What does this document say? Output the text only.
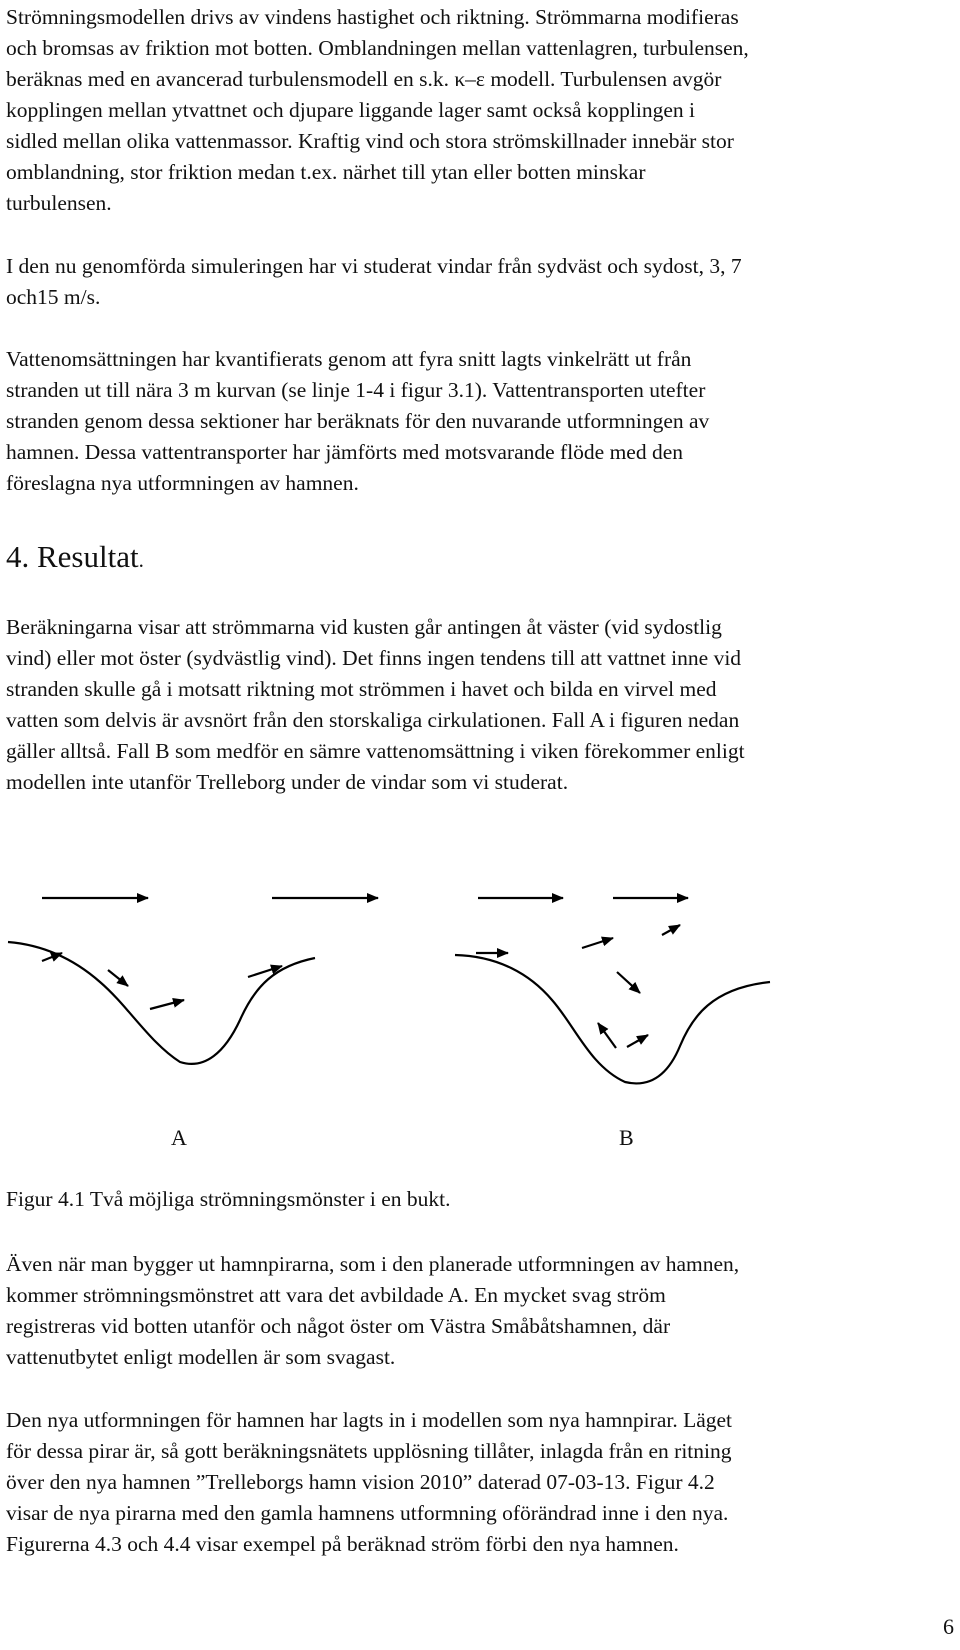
Strömningsmodellen drivs av vindens hastighet och riktning. Strömmarna modifieras
och bromsas av friktion mot botten. Omblandningen mellan vattenlagren, turbulensen,
beräknas med en avancerad turbulensmodell en s.k. κ–ε modell. Turbulensen avgör
kopplingen mellan ytvattnet och djupare liggande lager samt också kopplingen i
sidled mellan olika vattenmassor. Kraftig vind och stora strömskillnader innebär stor
omblandning, stor friktion medan t.ex. närhet till ytan eller botten minskar
turbulensen.
I den nu genomförda simuleringen har vi studerat vindar från sydväst och sydost, 3, 7
och15 m/s.
Vattenomsättningen har kvantifierats genom att fyra snitt lagts vinkelrätt ut från
stranden ut till nära 3 m kurvan (se linje 1-4 i figur 3.1). Vattentransporten utefter
stranden genom dessa sektioner har beräknats för den nuvarande utformningen av
hamnen. Dessa vattentransporter har jämförts med motsvarande flöde med den
föreslagna nya utformningen av hamnen.
4. Resultat.
Beräkningarna visar att strömmarna vid kusten går antingen åt väster (vid sydostlig
vind) eller mot öster (sydvästlig vind). Det finns ingen tendens till att vattnet inne vid
stranden skulle gå i motsatt riktning mot strömmen i havet och bilda en virvel med
vatten som delvis är avsnört från den storskaliga cirkulationen. Fall A i figuren nedan
gäller alltså. Fall B som medför en sämre vattenomsättning i viken förekommer enligt
modellen inte utanför Trelleborg under de vindar som vi studerat.
A	B
Figur 4.1 Två möjliga strömningsmönster i en bukt.
Även när man bygger ut hamnpirarna, som i den planerade utformningen av hamnen,
kommer strömningsmönstret att vara det avbildade A. En mycket svag ström
registreras vid botten utanför och något öster om Västra Småbåtshamnen, där
vattenutbytet enligt modellen är som svagast.
Den nya utformningen för hamnen har lagts in i modellen som nya hamnpirar. Läget
för dessa pirar är, så gott beräkningsnätets upplösning tillåter, inlagda från en ritning
över den nya hamnen ”Trelleborgs hamn vision 2010” daterad 07-03-13. Figur 4.2
visar de nya pirarna med den gamla hamnens utformning oförändrad inne i den nya.
Figurerna 4.3 och 4.4 visar exempel på beräknad ström förbi den nya hamnen.
6
